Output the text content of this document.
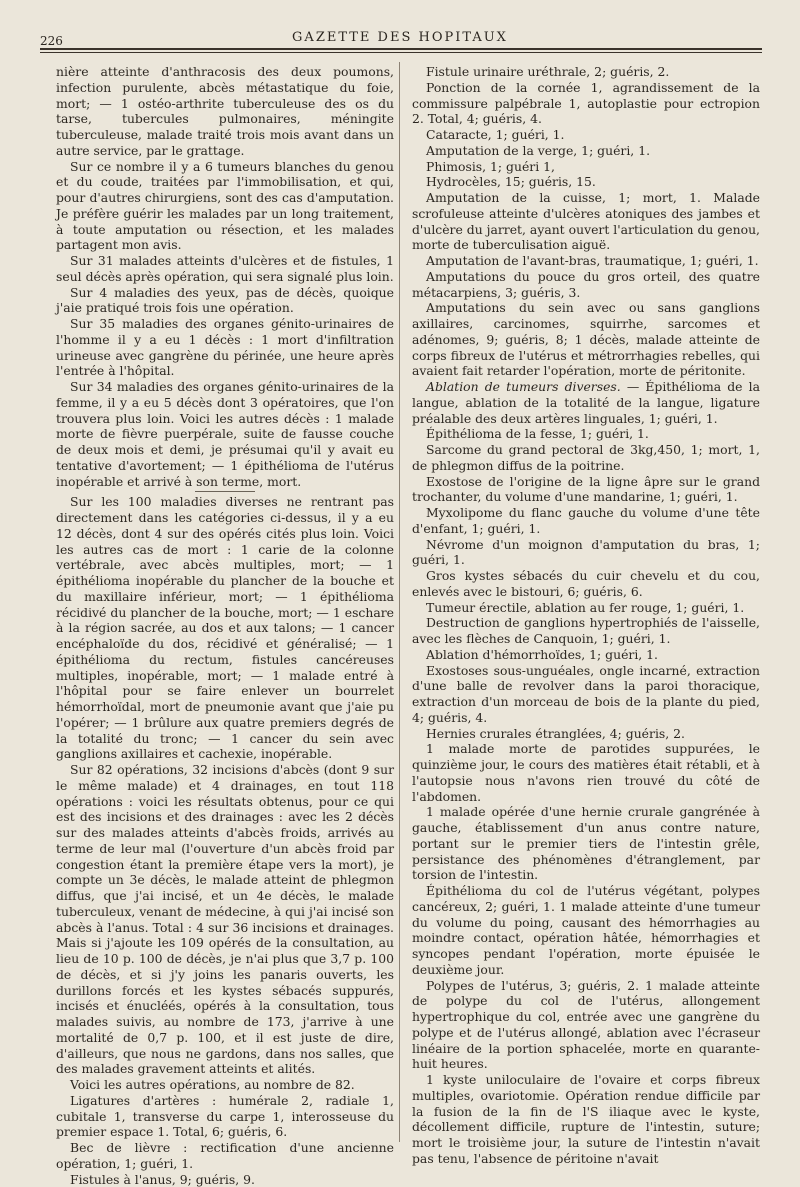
226	GAZETTE DES HOPITAUX

nière atteinte d'anthracosis des deux poumons, infection purulente, abcès métastatique du foie, mort; — 1 ostéo-arthrite tuberculeuse des os du tarse, tubercules pulmonaires, méningite tuberculeuse, malade traité trois mois avant dans un autre service, par le grattage.

Sur ce nombre il y a 6 tumeurs blanches du genou et du coude, traitées par l'immobilisation, et qui, pour d'autres chirurgiens, sont des cas d'amputation. Je préfère guérir les malades par un long traitement, à toute amputation ou résection, et les malades partagent mon avis.

Sur 31 malades atteints d'ulcères et de fistules, 1 seul décès après opération, qui sera signalé plus loin.

Sur 4 maladies des yeux, pas de décès, quoique j'aie pratiqué trois fois une opération.

Sur 35 maladies des organes génito-urinaires de l'homme il y a eu 1 décès : 1 mort d'infiltration urineuse avec gangrène du périnée, une heure après l'entrée à l'hôpital.

Sur 34 maladies des organes génito-urinaires de la femme, il y a eu 5 décès dont 3 opératoires, que l'on trouvera plus loin. Voici les autres décès : 1 malade morte de fièvre puerpérale, suite de fausse couche de deux mois et demi, je présumai qu'il y avait eu tentative d'avortement; — 1 épithélioma de l'utérus inopérable et arrivé à son terme, mort.

Sur les 100 maladies diverses ne rentrant pas directement dans les catégories ci-dessus, il y a eu 12 décès, dont 4 sur des opérés cités plus loin. Voici les autres cas de mort : 1 carie de la colonne vertébrale, avec abcès multiples, mort; — 1 épithélioma inopérable du plancher de la bouche et du maxillaire inférieur, mort; — 1 épithélioma récidivé du plancher de la bouche, mort; — 1 eschare à la région sacrée, au dos et aux talons; — 1 cancer encéphaloïde du dos, récidivé et généralisé; — 1 épithélioma du rectum, fistules cancéreuses multiples, inopérable, mort; — 1 malade entré à l'hôpital pour se faire enlever un bourrelet hémorrhoïdal, mort de pneumonie avant que j'aie pu l'opérer; — 1 brûlure aux quatre premiers degrés de la totalité du tronc; — 1 cancer du sein avec ganglions axillaires et cachexie, inopérable.

Sur 82 opérations, 32 incisions d'abcès (dont 9 sur le même malade) et 4 drainages, en tout 118 opérations : voici les résultats obtenus, pour ce qui est des incisions et des drainages : avec les 2 décès sur des malades atteints d'abcès froids, arrivés au terme de leur mal (l'ouverture d'un abcès froid par congestion étant la première étape vers la mort), je compte un 3e décès, le malade atteint de phlegmon diffus, que j'ai incisé, et un 4e décès, le malade tuberculeux, venant de médecine, à qui j'ai incisé son abcès à l'anus. Total : 4 sur 36 incisions et drainages. Mais si j'ajoute les 109 opérés de la consultation, au lieu de 10 p. 100 de décès, je n'ai plus que 3,7 p. 100 de décès, et si j'y joins les panaris ouverts, les durillons forcés et les kystes sébacés suppurés, incisés et énucléés, opérés à la consultation, tous malades suivis, au nombre de 173, j'arrive à une mortalité de 0,7 p. 100, et il est juste de dire, d'ailleurs, que nous ne gardons, dans nos salles, que des malades gravement atteints et alités.

Voici les autres opérations, au nombre de 82.

Ligatures d'artères : humérale 2, radiale 1, cubitale 1, transverse du carpe 1, interosseuse du premier espace 1. Total, 6; guéris, 6.

Bec de lièvre : rectification d'une ancienne opération, 1; guéri, 1.

Fistules à l'anus, 9; guéris, 9.

Fistule urinaire uréthrale, 2; guéris, 2.

Ponction de la cornée 1, agrandissement de la commissure palpébrale 1, autoplastie pour ectropion 2. Total, 4; guéris, 4.

Cataracte, 1; guéri, 1.

Amputation de la verge, 1; guéri, 1.

Phimosis, 1; guéri 1,

Hydrocèles, 15; guéris, 15.

Amputation de la cuisse, 1; mort, 1. Malade scrofuleuse atteinte d'ulcères atoniques des jambes et d'ulcère du jarret, ayant ouvert l'articulation du genou, morte de tuberculisation aiguë.

Amputation de l'avant-bras, traumatique, 1; guéri, 1.

Amputations du pouce du gros orteil, des quatre métacarpiens, 3; guéris, 3.

Amputations du sein avec ou sans ganglions axillaires, carcinomes, squirrhe, sarcomes et adénomes, 9; guéris, 8; 1 décès, malade atteinte de corps fibreux de l'utérus et métrorrhagies rebelles, qui avaient fait retarder l'opération, morte de péritonite.

Ablation de tumeurs diverses. — Épithélioma de la langue, ablation de la totalité de la langue, ligature préalable des deux artères linguales, 1; guéri, 1.

Épithélioma de la fesse, 1; guéri, 1.

Sarcome du grand pectoral de 3kg,450, 1; mort, 1, de phlegmon diffus de la poitrine.

Exostose de l'origine de la ligne âpre sur le grand trochanter, du volume d'une mandarine, 1; guéri, 1.

Myxolipome du flanc gauche du volume d'une tête d'enfant, 1; guéri, 1.

Névrome d'un moignon d'amputation du bras, 1; guéri, 1.

Gros kystes sébacés du cuir chevelu et du cou, enlevés avec le bistouri, 6; guéris, 6.

Tumeur érectile, ablation au fer rouge, 1; guéri, 1.

Destruction de ganglions hypertrophiés de l'aisselle, avec les flèches de Canquoin, 1; guéri, 1.

Ablation d'hémorrhoïdes, 1; guéri, 1.

Exostoses sous-unguéales, ongle incarné, extraction d'une balle de revolver dans la paroi thoracique, extraction d'un morceau de bois de la plante du pied, 4; guéris, 4.

Hernies crurales étranglées, 4; guéris, 2.

1 malade morte de parotides suppurées, le quinzième jour, le cours des matières était rétabli, et à l'autopsie nous n'avons rien trouvé du côté de l'abdomen.

1 malade opérée d'une hernie crurale gangrénée à gauche, établissement d'un anus contre nature, portant sur le premier tiers de l'intestin grêle, persistance des phénomènes d'étranglement, par torsion de l'intestin.

Épithélioma du col de l'utérus végétant, polypes cancéreux, 2; guéri, 1. 1 malade atteinte d'une tumeur du volume du poing, causant des hémorrhagies au moindre contact, opération hâtée, hémorrhagies et syncopes pendant l'opération, morte épuisée le deuxième jour.

Polypes de l'utérus, 3; guéris, 2. 1 malade atteinte de polype du col de l'utérus, allongement hypertrophique du col, entrée avec une gangrène du polype et de l'utérus allongé, ablation avec l'écraseur linéaire de la portion sphacelée, morte en quarante-huit heures.

1 kyste uniloculaire de l'ovaire et corps fibreux multiples, ovariotomie. Opération rendue difficile par la fusion de la fin de l'S iliaque avec le kyste, décollement difficile, rupture de l'intestin, suture; mort le troisième jour, la suture de l'intestin n'avait pas tenu, l'absence de péritoine n'avait
